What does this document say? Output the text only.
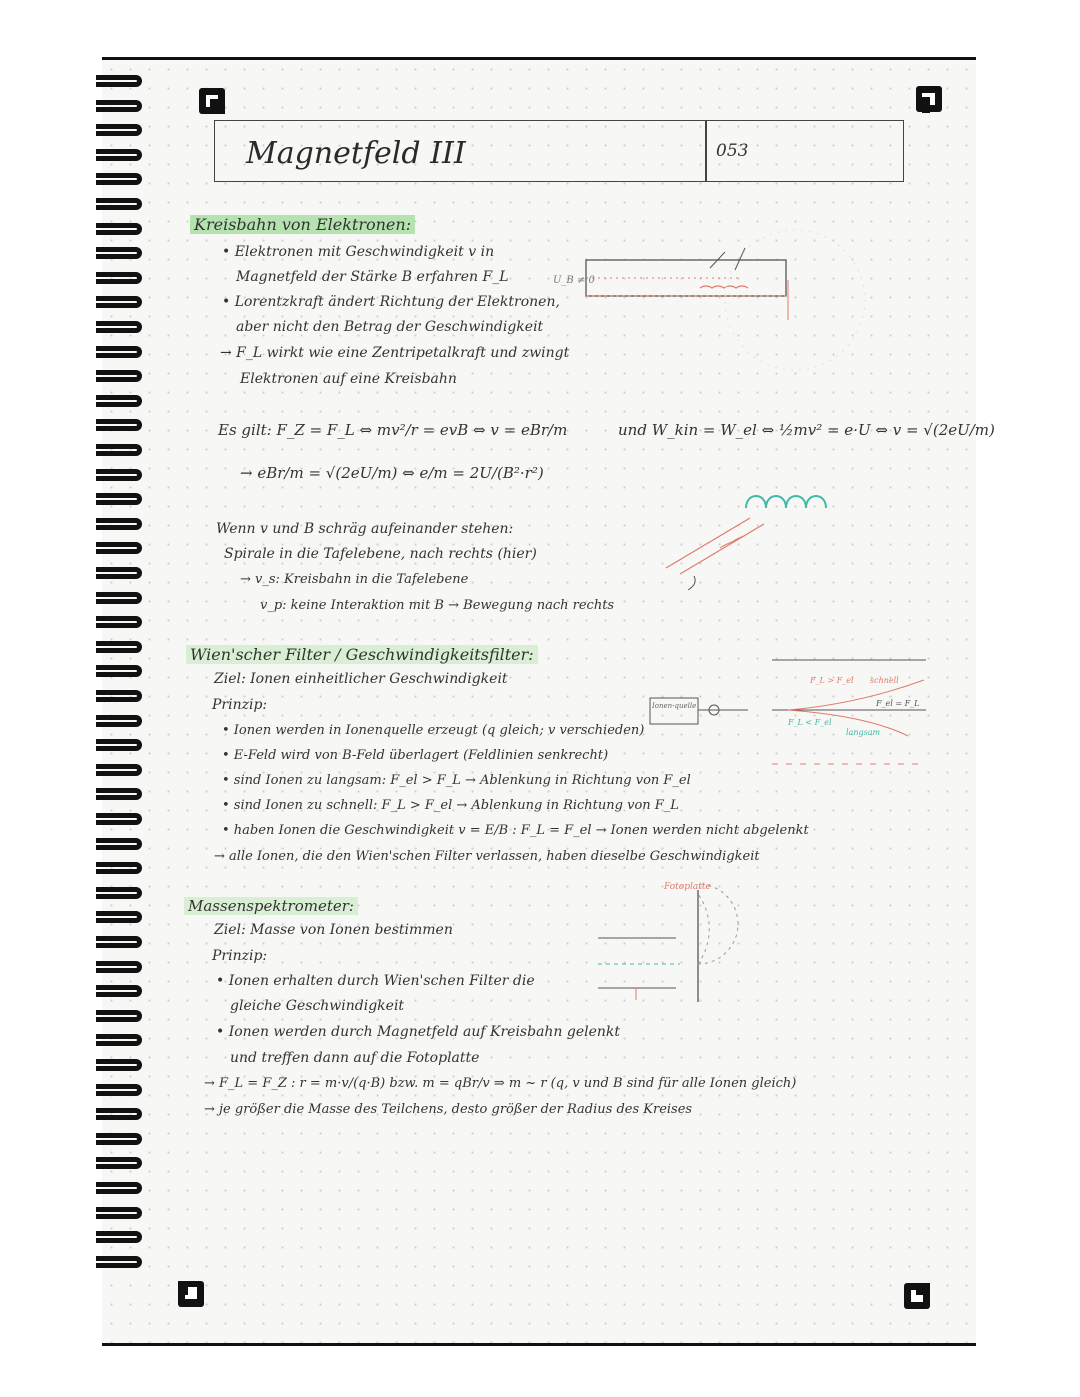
Magnetfeld III	053
Kreisbahn von Elektronen:
• Elektronen mit Geschwindigkeit v in
Magnetfeld der Stärke B erfahren F_L
• Lorentzkraft ändert Richtung der Elektronen,
aber nicht den Betrag der Geschwindigkeit
→ F_L wirkt wie eine Zentripetalkraft und zwingt
Elektronen auf eine Kreisbahn
U_B ≠ 0
Es gilt: F_Z = F_L ⇔ mv²/r = evB ⇔ v = eBr/m	und W_kin = W_el ⇔ ½mv² = e·U ⇔ v = √(2eU/m)
→ eBr/m = √(2eU/m) ⇔ e/m = 2U/(B²·r²)
Wenn v und B schräg aufeinander stehen:
Spirale in die Tafelebene, nach rechts (hier)
→ v_s: Kreisbahn in die Tafelebene
v_p: keine Interaktion mit B → Bewegung nach rechts
Wien'scher Filter / Geschwindigkeitsfilter:
Ziel: Ionen einheitlicher Geschwindigkeit
Prinzip:
• Ionen werden in Ionenquelle erzeugt (q gleich; v verschieden)
• E-Feld wird von B-Feld überlagert (Feldlinien senkrecht)
• sind Ionen zu langsam: F_el > F_L → Ablenkung in Richtung von F_el
• sind Ionen zu schnell: F_L > F_el → Ablenkung in Richtung von F_L
• haben Ionen die Geschwindigkeit v = E/B : F_L = F_el → Ionen werden nicht abgelenkt
→ alle Ionen, die den Wien'schen Filter verlassen, haben dieselbe Geschwindigkeit
Ionen-quelle
F_L > F_el schnell
F_el = F_L
F_L < F_el
langsam
Massenspektrometer:
Ziel: Masse von Ionen bestimmen
Prinzip:
• Ionen erhalten durch Wien'schen Filter die
gleiche Geschwindigkeit
• Ionen werden durch Magnetfeld auf Kreisbahn gelenkt
und treffen dann auf die Fotoplatte
→ F_L = F_Z : r = m·v/(q·B) bzw. m = qBr/v ⇒ m ~ r (q, v und B sind für alle Ionen gleich)
→ je größer die Masse des Teilchens, desto größer der Radius des Kreises
Fotoplatte
